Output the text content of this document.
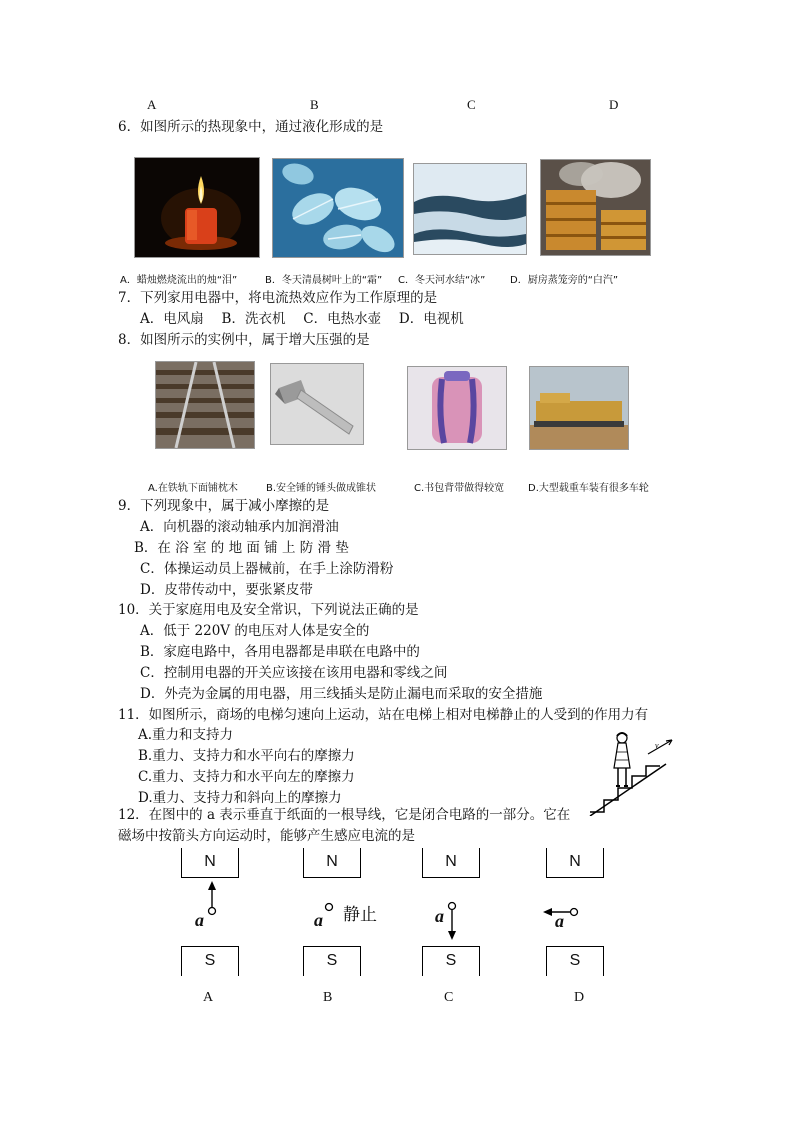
A	B	C	D
6．如图所示的热现象中，通过液化形成的是
A．蜡烛燃烧流出的烛“泪”	B．冬天清晨树叶上的“霜” C．冬天河水结“冰” D．厨房蒸笼旁的“白汽”
7．下列家用电器中，将电流热效应作为工作原理的是
A．电风扇　 B．洗衣机　 C．电热水壶　 D．电视机
8．如图所示的实例中，属于增大压强的是
A.在铁轨下面铺枕木	B.安全锤的锤头做成锥状	C.书包背带做得较宽 D.大型载重车装有很多车轮
9．下列现象中，属于减小摩擦的是
A．向机器的滚动轴承内加润滑油
B．在 浴 室 的 地 面 铺 上 防 滑 垫
C．体操运动员上器械前，在手上涂防滑粉
D．皮带传动中，要张紧皮带
10．关于家庭用电及安全常识，下列说法正确的是
A．低于 220V 的电压对人体是安全的
B．家庭电路中，各用电器都是串联在电路中的
C．控制用电器的开关应该接在该用电器和零线之间
D．外壳为金属的用电器，用三线插头是防止漏电而采取的安全措施
11．如图所示，商场的电梯匀速向上运动，站在电梯上相对电梯静止的人受到的作用力有
A.重力和支持力
B.重力、支持力和水平向右的摩擦力
C.重力、支持力和水平向左的摩擦力
D.重力、支持力和斜向上的摩擦力
v
12．在图中的 a 表示垂直于纸面的一根导线，它是闭合电路的一部分。它在
磁场中按箭头方向运动时，能够产生感应电流的是
N
S
a
N
S
a 静止
N
S
a
N
S
a
A	B	C	D
